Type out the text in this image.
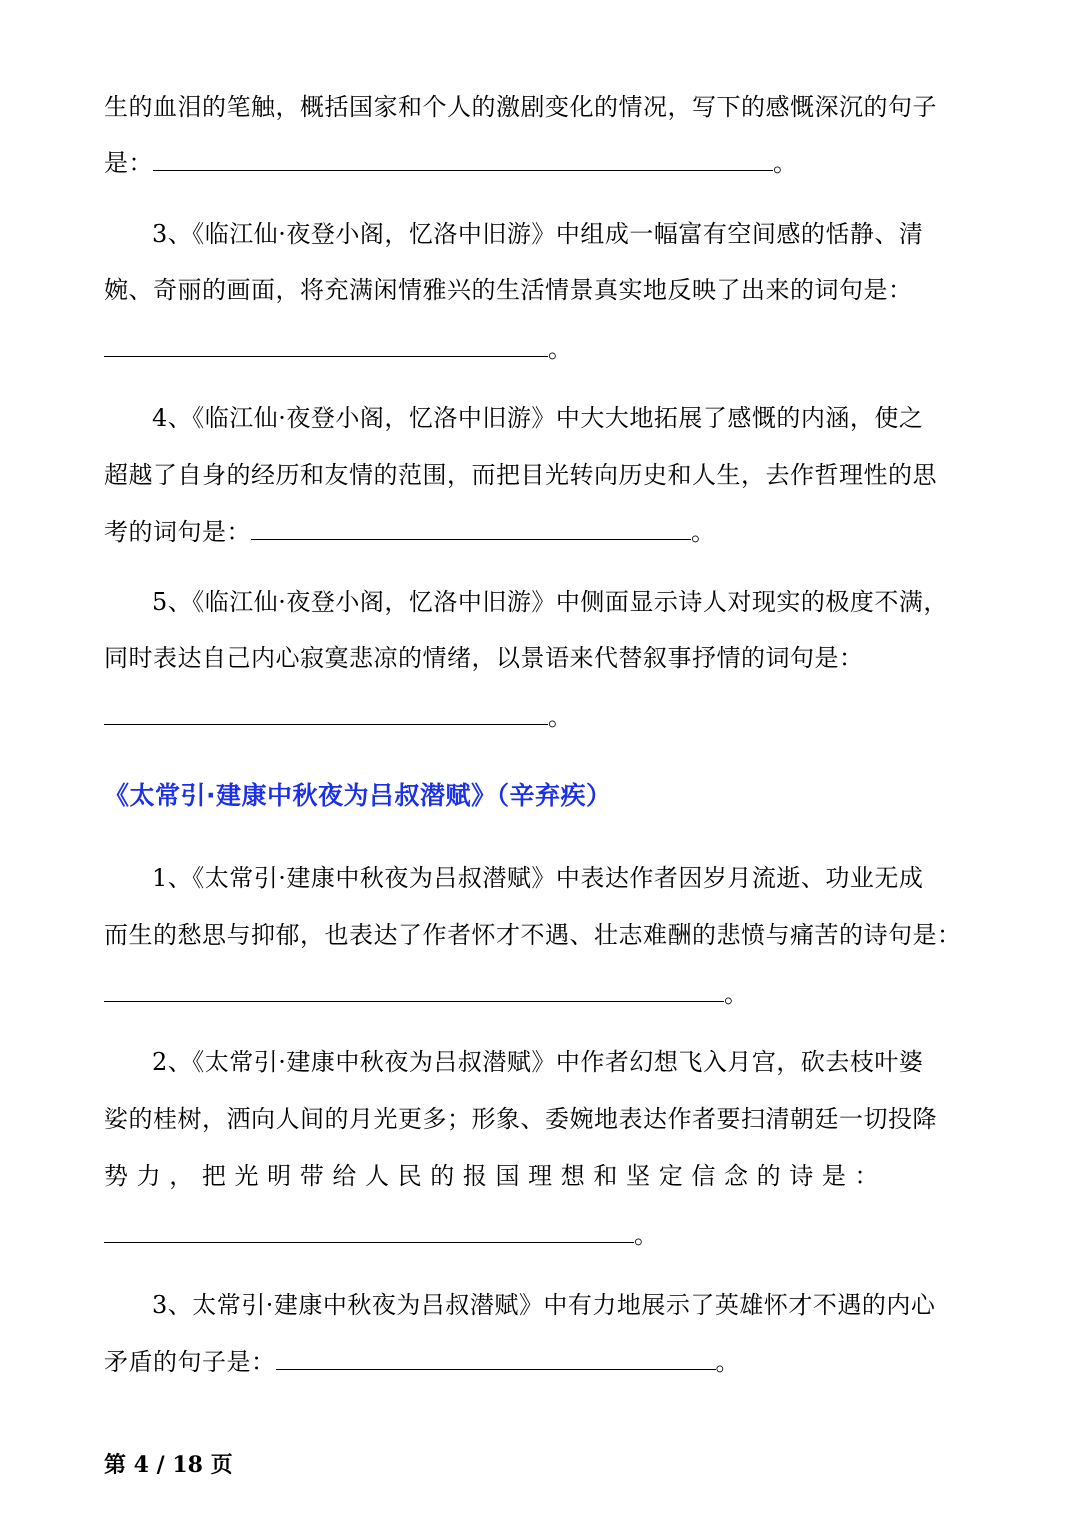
生的血泪的笔触，概括国家和个人的激剧变化的情况，写下的感慨深沉的句子
是：	。
3、《临江仙·夜登小阁，忆洛中旧游》中组成一幅富有空间感的恬静、清
婉、奇丽的画面，将充满闲情雅兴的生活情景真实地反映了出来的词句是：
。
4、《临江仙·夜登小阁，忆洛中旧游》中大大地拓展了感慨的内涵，使之
超越了自身的经历和友情的范围，而把目光转向历史和人生，去作哲理性的思
考的词句是：	。
5、《临江仙·夜登小阁，忆洛中旧游》中侧面显示诗人对现实的极度不满，
同时表达自己内心寂寞悲凉的情绪，以景语来代替叙事抒情的词句是：
。
《太常引·建康中秋夜为吕叔潜赋》（辛弃疾）
1、《太常引·建康中秋夜为吕叔潜赋》中表达作者因岁月流逝、功业无成
而生的愁思与抑郁，也表达了作者怀才不遇、壮志难酬的悲愤与痛苦的诗句是：
。
2、《太常引·建康中秋夜为吕叔潜赋》中作者幻想飞入月宫，砍去枝叶婆
娑的桂树，洒向人间的月光更多；形象、委婉地表达作者要扫清朝廷一切投降
势 力 ， 把 光 明 带 给 人 民 的 报 国 理 想 和 坚 定 信 念 的 诗 是 ：
。
3、太常引·建康中秋夜为吕叔潜赋》中有力地展示了英雄怀才不遇的内心
矛盾的句子是：	。
第 4 / 18 页
